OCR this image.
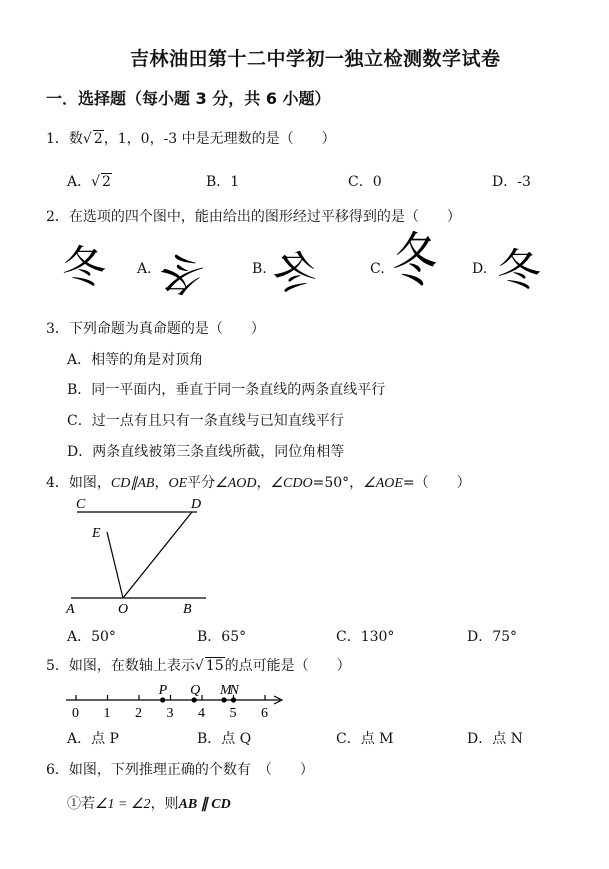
吉林油田第十二中学初一独立检测数学试卷
一．选择题（每小题 3 分，共 6 小题）
1．数√ 2，1，0，-3 中是无理数的是（　　）
A．√ 2	B．1	C．0	D．-3
2．在选项的四个图中，能由给出的图形经过平移得到的是（　　）
冬 A. 冬	B. 冬	C. 冬 D. 冬
3．下列命题为真命题的是（　　）
A．相等的角是对顶角
B．同一平面内，垂直于同一条直线的两条直线平行
C．过一点有且只有一条直线与已知直线平行
D．两条直线被第三条直线所截，同位角相等
4．如图，CD∥AB，OE平分∠AOD，∠CDO=50°，∠AOE=（　　）
C	D
E
A	O	B
A．50°	B．65°	C．130°	D．75°
5．如图，在数轴上表示√ 15的点可能是（　　）
0 1 2 3 4 5 6
P Q M
N
A．点 P	B．点 Q	C．点 M	D．点 N
6．如图，下列推理正确的个数有　（　　）
①若∠1 = ∠2，则AB ∥ CD
